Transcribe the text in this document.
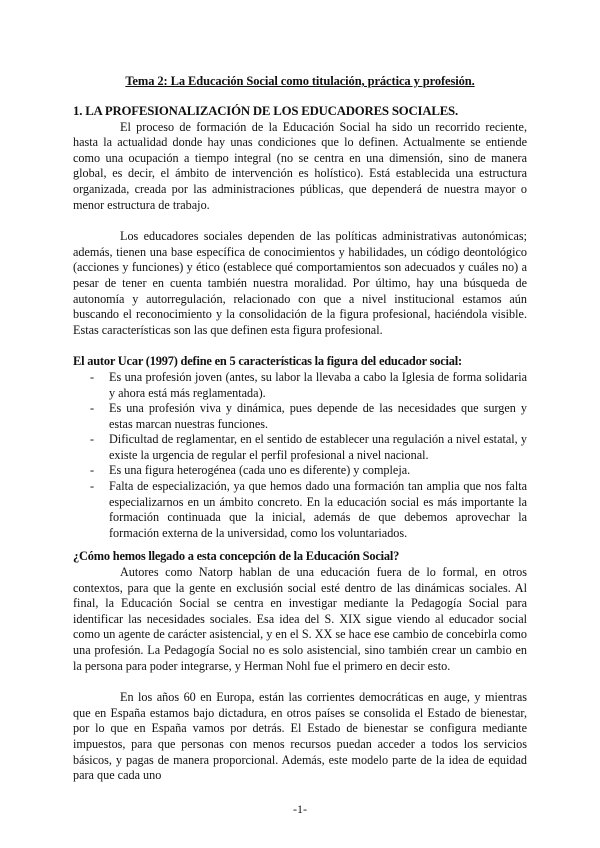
Tema 2: La Educación Social como titulación, práctica y profesión.

1. LA PROFESIONALIZACIÓN DE LOS EDUCADORES SOCIALES.

El proceso de formación de la Educación Social ha sido un recorrido reciente, hasta la actualidad donde hay unas condiciones que lo definen. Actualmente se entiende como una ocupación a tiempo integral (no se centra en una dimensión, sino de manera global, es decir, el ámbito de intervención es holístico). Está establecida una estructura organizada, creada por las administraciones públicas, que dependerá de nuestra mayor o menor estructura de trabajo.

Los educadores sociales dependen de las políticas administrativas autonómicas; además, tienen una base específica de conocimientos y habilidades, un código deontológico (acciones y funciones) y ético (establece qué comportamientos son adecuados y cuáles no) a pesar de tener en cuenta también nuestra moralidad. Por último, hay una búsqueda de autonomía y autorregulación, relacionado con que a nivel institucional estamos aún buscando el reconocimiento y la consolidación de la figura profesional, haciéndola visible. Estas características son las que definen esta figura profesional.

El autor Ucar (1997) define en 5 características la figura del educador social:

- Es una profesión joven (antes, su labor la llevaba a cabo la Iglesia de forma solidaria y ahora está más reglamentada).
- Es una profesión viva y dinámica, pues depende de las necesidades que surgen y estas marcan nuestras funciones.
- Dificultad de reglamentar, en el sentido de establecer una regulación a nivel estatal, y existe la urgencia de regular el perfil profesional a nivel nacional.
- Es una figura heterogénea (cada uno es diferente) y compleja.
- Falta de especialización, ya que hemos dado una formación tan amplia que nos falta especializarnos en un ámbito concreto. En la educación social es más importante la formación continuada que la inicial, además de que debemos aprovechar la formación externa de la universidad, como los voluntariados.

¿Cómo hemos llegado a esta concepción de la Educación Social?

Autores como Natorp hablan de una educación fuera de lo formal, en otros contextos, para que la gente en exclusión social esté dentro de las dinámicas sociales. Al final, la Educación Social se centra en investigar mediante la Pedagogía Social para identificar las necesidades sociales. Esa idea del S. XIX sigue viendo al educador social como un agente de carácter asistencial, y en el S. XX se hace ese cambio de concebirla como una profesión. La Pedagogía Social no es solo asistencial, sino también crear un cambio en la persona para poder integrarse, y Herman Nohl fue el primero en decir esto.

En los años 60 en Europa, están las corrientes democráticas en auge, y mientras que en España estamos bajo dictadura, en otros países se consolida el Estado de bienestar, por lo que en España vamos por detrás. El Estado de bienestar se configura mediante impuestos, para que personas con menos recursos puedan acceder a todos los servicios básicos, y pagas de manera proporcional. Además, este modelo parte de la idea de equidad para que cada uno

-1-
